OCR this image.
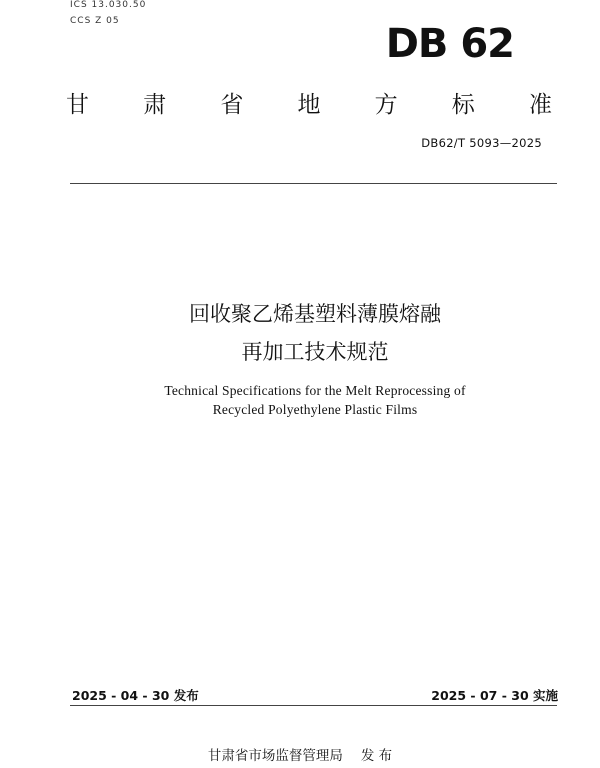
ICS 13.030.50
CCS Z 05	DB 62
甘 肃 省 地 方 标 准
DB62/T 5093—2025
回收聚乙烯基塑料薄膜熔融
再加工技术规范
Technical Specifications for the Melt Reprocessing of
Recycled Polyethylene Plastic Films
2025 - 04 - 30 发布	2025 - 07 - 30 实施
甘肃省市场监督管理局 发 布
